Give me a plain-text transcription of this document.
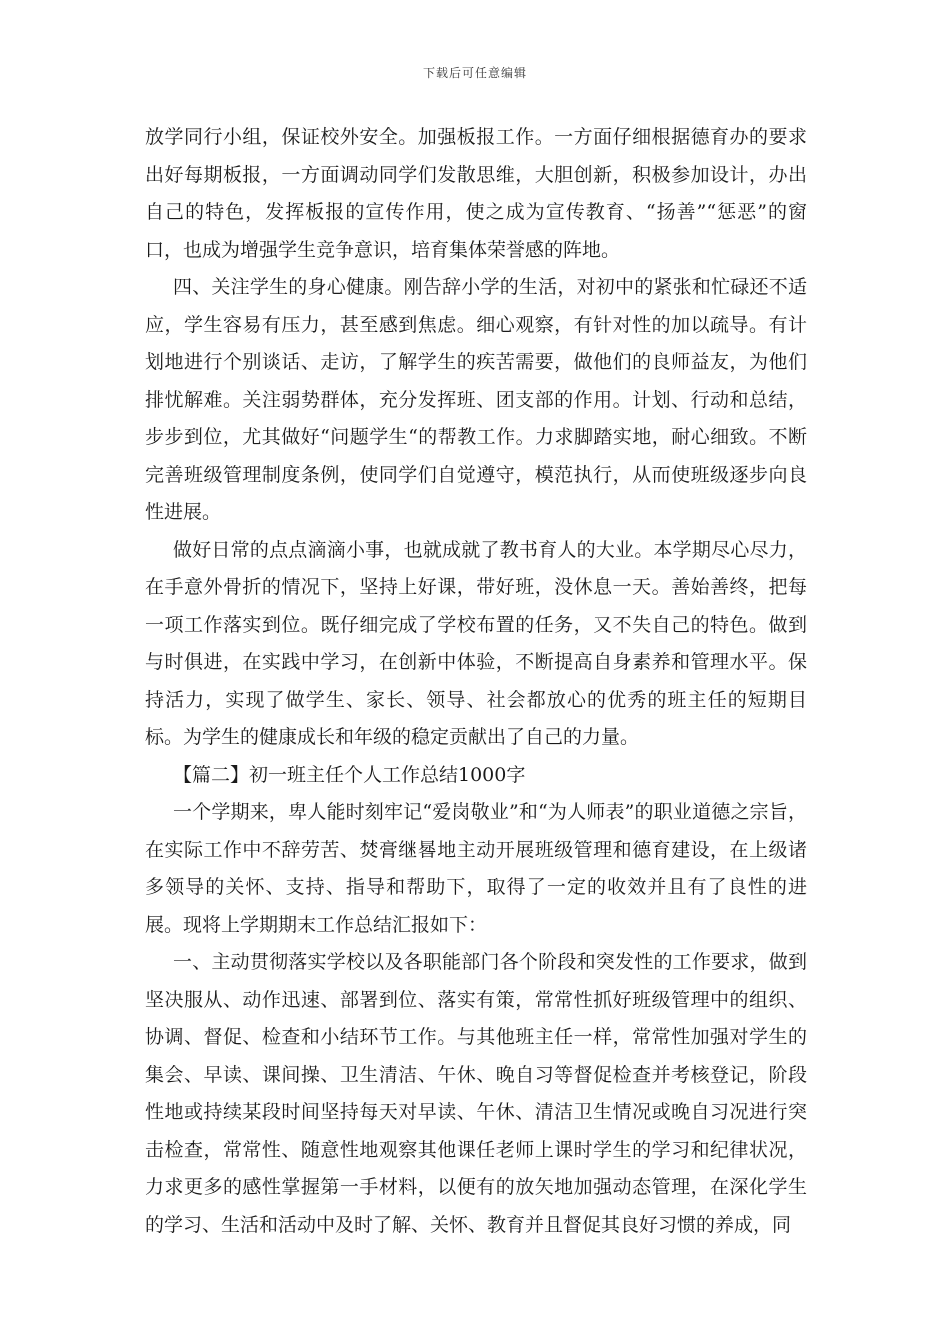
下载后可任意编辑

放学同行小组，保证校外安全。加强板报工作。一方面仔细根据德育办的要求出好每期板报，一方面调动同学们发散思维，大胆创新，积极参加设计，办出自己的特色，发挥板报的宣传作用，使之成为宣传教育、“扬善”“惩恶”的窗口，也成为增强学生竞争意识，培育集体荣誉感的阵地。

四、关注学生的身心健康。刚告辞小学的生活，对初中的紧张和忙碌还不适应，学生容易有压力，甚至感到焦虑。细心观察，有针对性的加以疏导。有计划地进行个别谈话、走访，了解学生的疾苦需要，做他们的良师益友，为他们排忧解难。关注弱势群体，充分发挥班、团支部的作用。计划、行动和总结，步步到位，尤其做好“问题学生“的帮教工作。力求脚踏实地，耐心细致。不断完善班级管理制度条例，使同学们自觉遵守，模范执行，从而使班级逐步向良性进展。

做好日常的点点滴滴小事，也就成就了教书育人的大业。本学期尽心尽力，在手意外骨折的情况下，坚持上好课，带好班，没休息一天。善始善终，把每一项工作落实到位。既仔细完成了学校布置的任务，又不失自己的特色。做到与时俱进，在实践中学习，在创新中体验，不断提高自身素养和管理水平。保持活力，实现了做学生、家长、领导、社会都放心的优秀的班主任的短期目标。为学生的健康成长和年级的稳定贡献出了自己的力量。

【篇二】初一班主任个人工作总结1000字

一个学期来，卑人能时刻牢记“爱岗敬业”和“为人师表”的职业道德之宗旨，在实际工作中不辞劳苦、焚膏继晷地主动开展班级管理和德育建设，在上级诸多领导的关怀、支持、指导和帮助下，取得了一定的收效并且有了良性的进展。现将上学期期末工作总结汇报如下：

一、主动贯彻落实学校以及各职能部门各个阶段和突发性的工作要求，做到坚决服从、动作迅速、部署到位、落实有策，常常性抓好班级管理中的组织、协调、督促、检查和小结环节工作。与其他班主任一样，常常性加强对学生的集会、早读、课间操、卫生清洁、午休、晚自习等督促检查并考核登记，阶段性地或持续某段时间坚持每天对早读、午休、清洁卫生情况或晚自习况进行突击检查，常常性、随意性地观察其他课任老师上课时学生的学习和纪律状况，力求更多的感性掌握第一手材料，以便有的放矢地加强动态管理，在深化学生的学习、生活和活动中及时了解、关怀、教育并且督促其良好习惯的养成，同
